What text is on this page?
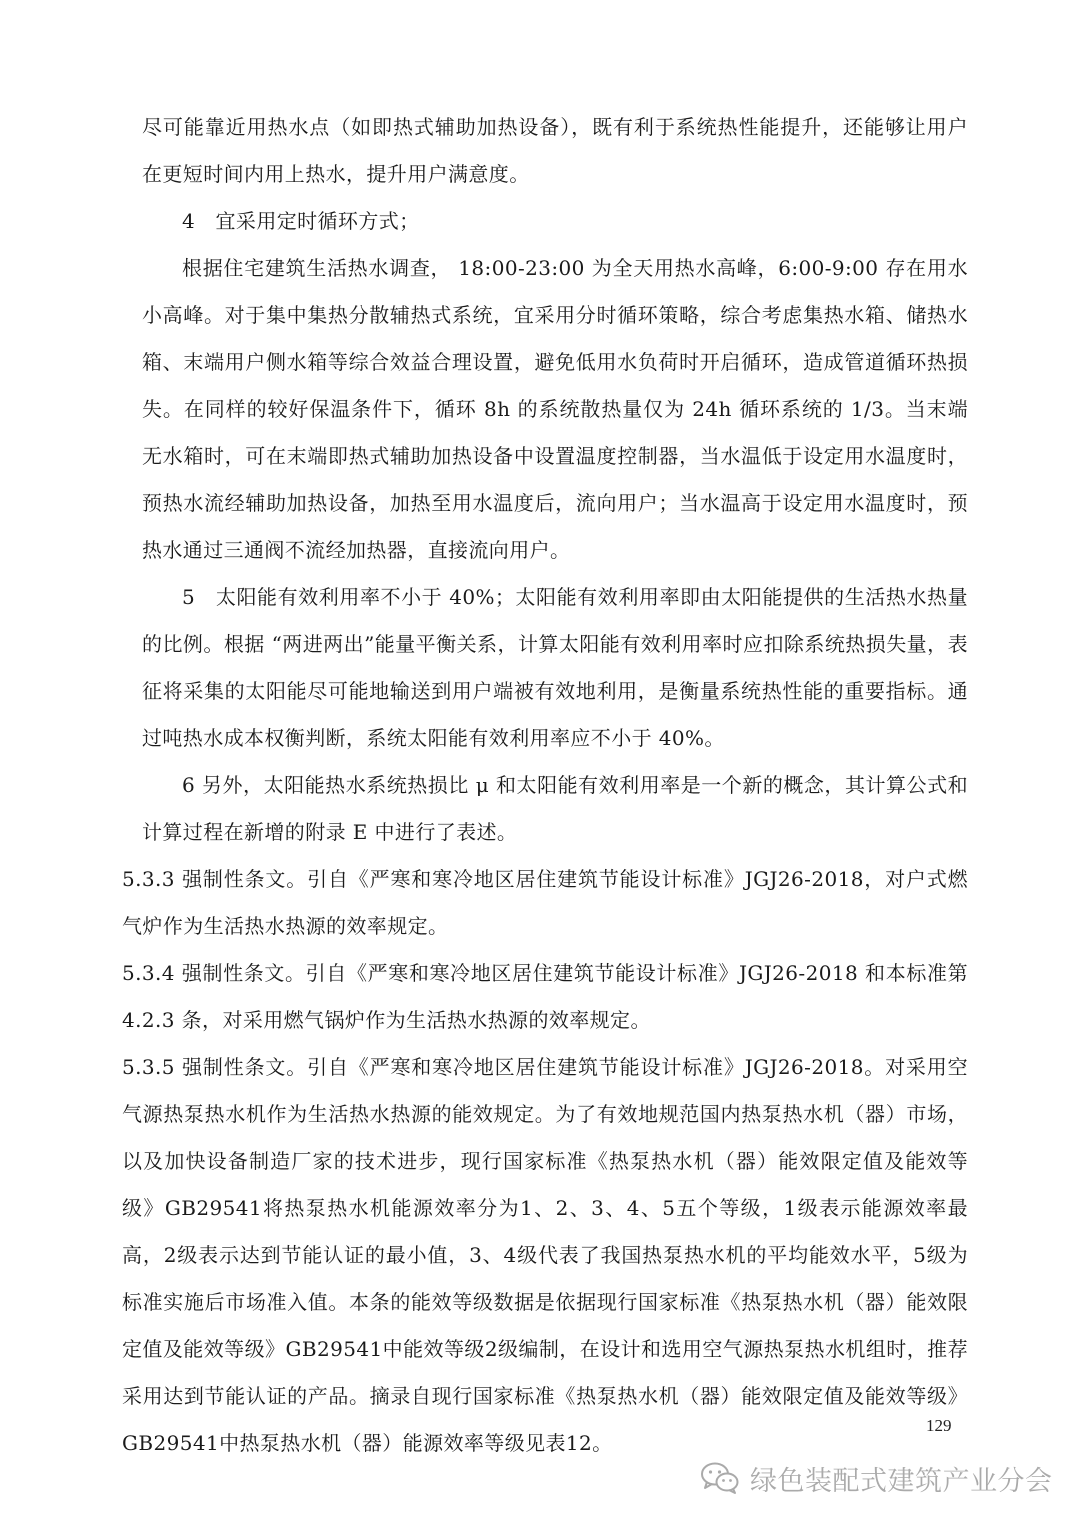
尽可能靠近用热水点（如即热式辅助加热设备），既有利于系统热性能提升，还能够让用户在更短时间内用上热水，提升用户满意度。

4　宜采用定时循环方式；

根据住宅建筑生活热水调查， 18:00-23:00 为全天用热水高峰，6:00-9:00 存在用水小高峰。对于集中集热分散辅热式系统，宜采用分时循环策略，综合考虑集热水箱、储热水箱、末端用户侧水箱等综合效益合理设置，避免低用水负荷时开启循环，造成管道循环热损失。在同样的较好保温条件下，循环 8h 的系统散热量仅为 24h 循环系统的 1/3。当末端无水箱时，可在末端即热式辅助加热设备中设置温度控制器，当水温低于设定用水温度时，预热水流经辅助加热设备，加热至用水温度后，流向用户；当水温高于设定用水温度时，预热水通过三通阀不流经加热器，直接流向用户。

5　太阳能有效利用率不小于 40%；太阳能有效利用率即由太阳能提供的生活热水热量的比例。根据 “两进两出”能量平衡关系，计算太阳能有效利用率时应扣除系统热损失量，表征将采集的太阳能尽可能地输送到用户端被有效地利用，是衡量系统热性能的重要指标。通过吨热水成本权衡判断，系统太阳能有效利用率应不小于 40%。

6 另外，太阳能热水系统热损比 μ 和太阳能有效利用率是一个新的概念，其计算公式和计算过程在新增的附录 E 中进行了表述。

5.3.3 强制性条文。引自《严寒和寒冷地区居住建筑节能设计标准》JGJ26-2018，对户式燃气炉作为生活热水热源的效率规定。

5.3.4 强制性条文。引自《严寒和寒冷地区居住建筑节能设计标准》JGJ26-2018 和本标准第 4.2.3 条，对采用燃气锅炉作为生活热水热源的效率规定。

5.3.5 强制性条文。引自《严寒和寒冷地区居住建筑节能设计标准》JGJ26-2018。对采用空气源热泵热水机作为生活热水热源的能效规定。为了有效地规范国内热泵热水机（器）市场，以及加快设备制造厂家的技术进步，现行国家标准《热泵热水机（器）能效限定值及能效等级》GB29541将热泵热水机能源效率分为1、2、3、4、5五个等级，1级表示能源效率最高，2级表示达到节能认证的最小值，3、4级代表了我国热泵热水机的平均能效水平，5级为标准实施后市场准入值。本条的能效等级数据是依据现行国家标准《热泵热水机（器）能效限定值及能效等级》GB29541中能效等级2级编制，在设计和选用空气源热泵热水机组时，推荐采用达到节能认证的产品。摘录自现行国家标准《热泵热水机（器）能效限定值及能效等级》GB29541中热泵热水机（器）能源效率等级见表12。

129
绿色装配式建筑产业分会
